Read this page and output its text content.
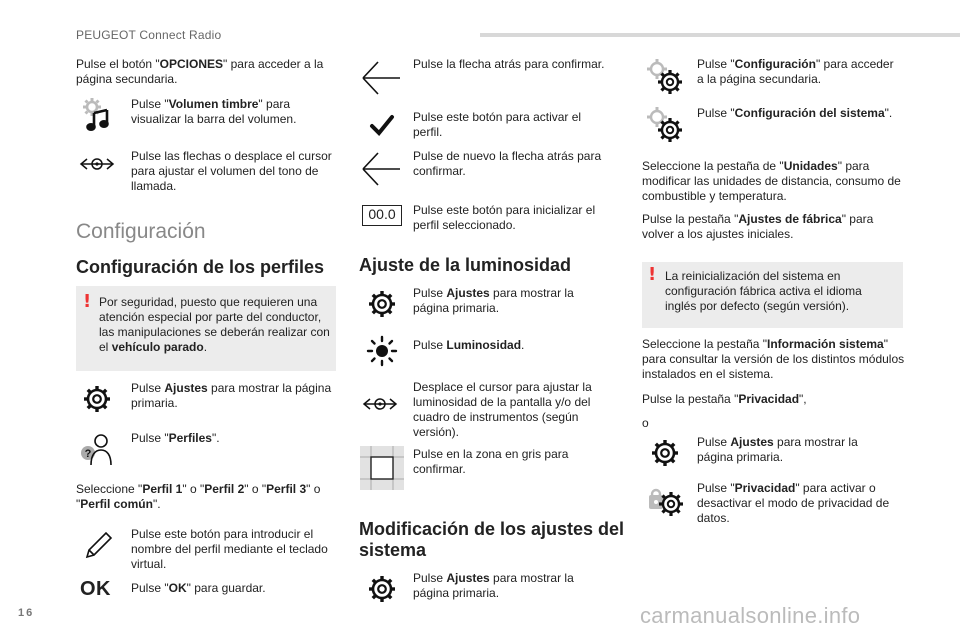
PEUGEOT Connect Radio
Pulse el botón "OPCIONES" para acceder a la página secundaria.
Pulse "Volumen timbre" para visualizar la barra del volumen.
Pulse las flechas o desplace el cursor para ajustar el volumen del tono de llamada.
Configuración
Configuración de los perfiles
! Por seguridad, puesto que requieren una atención especial por parte del conductor, las manipulaciones se deberán realizar con el vehículo parado.
Pulse Ajustes para mostrar la página primaria.
?
Pulse "Perfiles".
Seleccione "Perfil 1" o "Perfil 2" o "Perfil 3" o "Perfil común".
Pulse este botón para introducir el nombre del perfil mediante el teclado virtual.
OK Pulse "OK" para guardar.
Pulse la flecha atrás para confirmar.
Pulse este botón para activar el perfil.
Pulse de nuevo la flecha atrás para confirmar.
00.0	Pulse este botón para inicializar el perfil seleccionado.
Ajuste de la luminosidad
Pulse Ajustes para mostrar la página primaria.
Pulse Luminosidad.
Desplace el cursor para ajustar la luminosidad de la pantalla y/o del cuadro de instrumentos (según versión).
Pulse en la zona en gris para confirmar.
Modificación de los ajustes del sistema
Pulse Ajustes para mostrar la página primaria.
Pulse "Configuración" para acceder a la página secundaria.
Pulse "Configuración del sistema".
Seleccione la pestaña de "Unidades" para modificar las unidades de distancia, consumo de combustible y temperatura.
Pulse la pestaña "Ajustes de fábrica" para volver a los ajustes iniciales.
! La reinicialización del sistema en configuración fábrica activa el idioma inglés por defecto (según versión).
Seleccione la pestaña "Información sistema" para consultar la versión de los distintos módulos instalados en el sistema.
Pulse la pestaña "Privacidad",
o
Pulse Ajustes para mostrar la página primaria.
Pulse "Privacidad" para activar o desactivar el modo de privacidad de datos.
16	carmanualsonline.info
